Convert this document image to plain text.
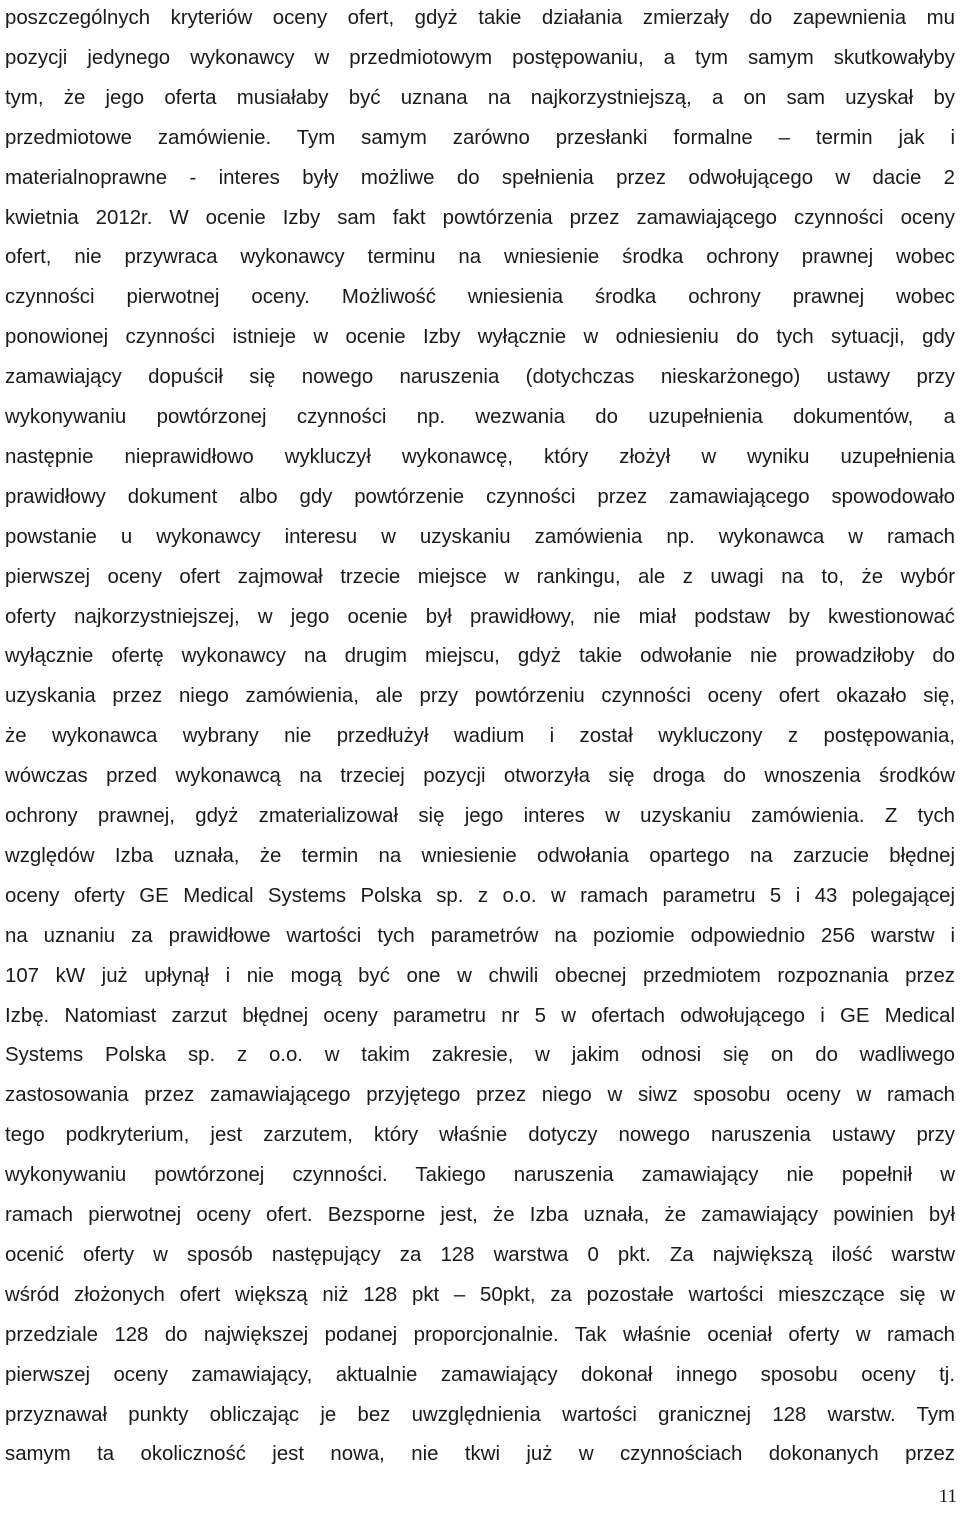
poszczególnych kryteriów oceny ofert, gdyż takie działania zmierzały do zapewnienia mu
pozycji jedynego wykonawcy w przedmiotowym postępowaniu, a tym samym skutkowałyby
tym, że jego oferta musiałaby być uznana na najkorzystniejszą, a on sam uzyskał by
przedmiotowe zamówienie. Tym samym zarówno przesłanki formalne – termin jak i
materialnoprawne - interes były możliwe do spełnienia przez odwołującego w dacie 2
kwietnia 2012r. W ocenie Izby sam fakt powtórzenia przez zamawiającego czynności oceny
ofert, nie przywraca wykonawcy terminu na wniesienie środka ochrony prawnej wobec
czynności pierwotnej oceny. Możliwość wniesienia środka ochrony prawnej wobec
ponowionej czynności istnieje w ocenie Izby wyłącznie w odniesieniu do tych sytuacji, gdy
zamawiający dopuścił się nowego naruszenia (dotychczas nieskarżonego) ustawy przy
wykonywaniu powtórzonej czynności np. wezwania do uzupełnienia dokumentów, a
następnie nieprawidłowo wykluczył wykonawcę, który złożył w wyniku uzupełnienia
prawidłowy dokument albo gdy powtórzenie czynności przez zamawiającego spowodowało
powstanie u wykonawcy interesu w uzyskaniu zamówienia np. wykonawca w ramach
pierwszej oceny ofert zajmował trzecie miejsce w rankingu, ale z uwagi na to, że wybór
oferty najkorzystniejszej, w jego ocenie był prawidłowy, nie miał podstaw by kwestionować
wyłącznie ofertę wykonawcy na drugim miejscu, gdyż takie odwołanie nie prowadziłoby do
uzyskania przez niego zamówienia, ale przy powtórzeniu czynności oceny ofert okazało się,
że wykonawca wybrany nie przedłużył wadium i został wykluczony z postępowania,
wówczas przed wykonawcą na trzeciej pozycji otworzyła się droga do wnoszenia środków
ochrony prawnej, gdyż zmaterializował się jego interes w uzyskaniu zamówienia. Z tych
względów Izba uznała, że termin na wniesienie odwołania opartego na zarzucie błędnej
oceny oferty GE Medical Systems Polska sp. z o.o. w ramach parametru 5 i 43 polegającej
na uznaniu za prawidłowe wartości tych parametrów na poziomie odpowiednio 256 warstw i
107 kW już upłynął i nie mogą być one w chwili obecnej przedmiotem rozpoznania przez
Izbę. Natomiast zarzut błędnej oceny parametru nr 5 w ofertach odwołującego i GE Medical
Systems Polska sp. z o.o. w takim zakresie, w jakim odnosi się on do wadliwego
zastosowania przez zamawiającego przyjętego przez niego w siwz sposobu oceny w ramach
tego podkryterium, jest zarzutem, który właśnie dotyczy nowego naruszenia ustawy przy
wykonywaniu powtórzonej czynności. Takiego naruszenia zamawiający nie popełnił w
ramach pierwotnej oceny ofert. Bezsporne jest, że Izba uznała, że zamawiający powinien był
ocenić oferty w sposób następujący za 128 warstwa 0 pkt. Za największą ilość warstw
wśród złożonych ofert większą niż 128 pkt – 50pkt, za pozostałe wartości mieszczące się w
przedziale 128 do największej podanej proporcjonalnie. Tak właśnie oceniał oferty w ramach
pierwszej oceny zamawiający, aktualnie zamawiający dokonał innego sposobu oceny tj.
przyznawał punkty obliczając je bez uwzględnienia wartości granicznej 128 warstw. Tym
samym ta okoliczność jest nowa, nie tkwi już w czynnościach dokonanych przez
11
